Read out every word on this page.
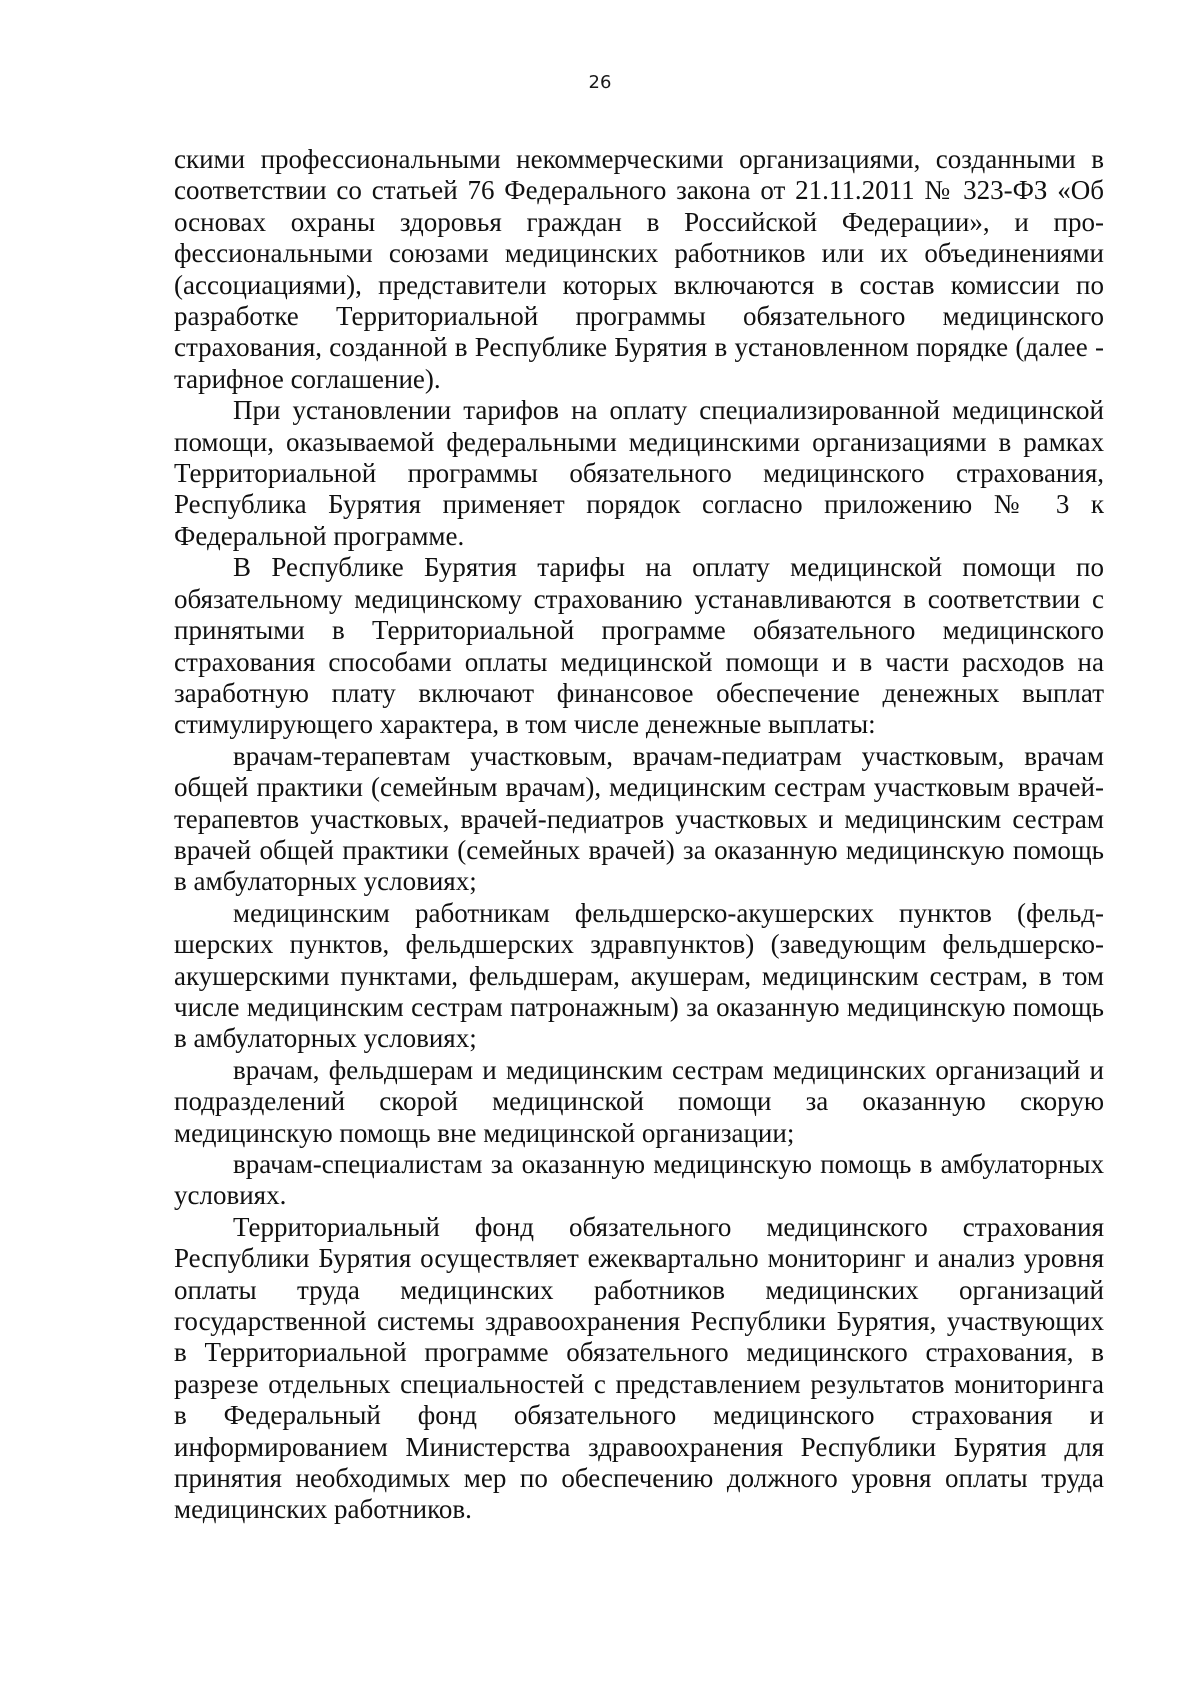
26

скими профессиональными некоммерческими организациями, созданными в соответствии со статьей 76 Федерального закона от 21.11.2011 № 323-ФЗ «Об основах охраны здоровья граждан в Российской Федерации», и профессиональными союзами медицинских работников или их объединениями (ассоциациями), представители которых включаются в состав комиссии по разработке Территориальной программы обязательного медицинского страхования, созданной в Республике Бурятия в установленном порядке (далее - тарифное соглашение).

При установлении тарифов на оплату специализированной медицинской помощи, оказываемой федеральными медицинскими организациями в рамках Территориальной программы обязательного медицинского страхования, Республика Бурятия применяет порядок согласно приложению № 3 к Федеральной программе.

В Республике Бурятия тарифы на оплату медицинской помощи по обязательному медицинскому страхованию устанавливаются в соответствии с принятыми в Территориальной программе обязательного медицинского страхования способами оплаты медицинской помощи и в части расходов на заработную плату включают финансовое обеспечение денежных выплат стимулирующего характера, в том числе денежные выплаты:

врачам-терапевтам участковым, врачам-педиатрам участковым, врачам общей практики (семейным врачам), медицинским сестрам участковым врачей-терапевтов участковых, врачей-педиатров участковых и медицинским сестрам врачей общей практики (семейных врачей) за оказанную медицинскую помощь в амбулаторных условиях;

медицинским работникам фельдшерско-акушерских пунктов (фельдшерских пунктов, фельдшерских здравпунктов) (заведующим фельдшерско-акушерскими пунктами, фельдшерам, акушерам, медицинским сестрам, в том числе медицинским сестрам патронажным) за оказанную медицинскую помощь в амбулаторных условиях;

врачам, фельдшерам и медицинским сестрам медицинских организаций и подразделений скорой медицинской помощи за оказанную скорую медицинскую помощь вне медицинской организации;

врачам-специалистам за оказанную медицинскую помощь в амбулаторных условиях.

Территориальный фонд обязательного медицинского страхования Республики Бурятия осуществляет ежеквартально мониторинг и анализ уровня оплаты труда медицинских работников медицинских организаций государственной системы здравоохранения Республики Бурятия, участвующих в Территориальной программе обязательного медицинского страхования, в разрезе отдельных специальностей с представлением результатов мониторинга в Федеральный фонд обязательного медицинского страхования и информированием Министерства здравоохранения Республики Бурятия для принятия необходимых мер по обеспечению должного уровня оплаты труда медицинских работников.
